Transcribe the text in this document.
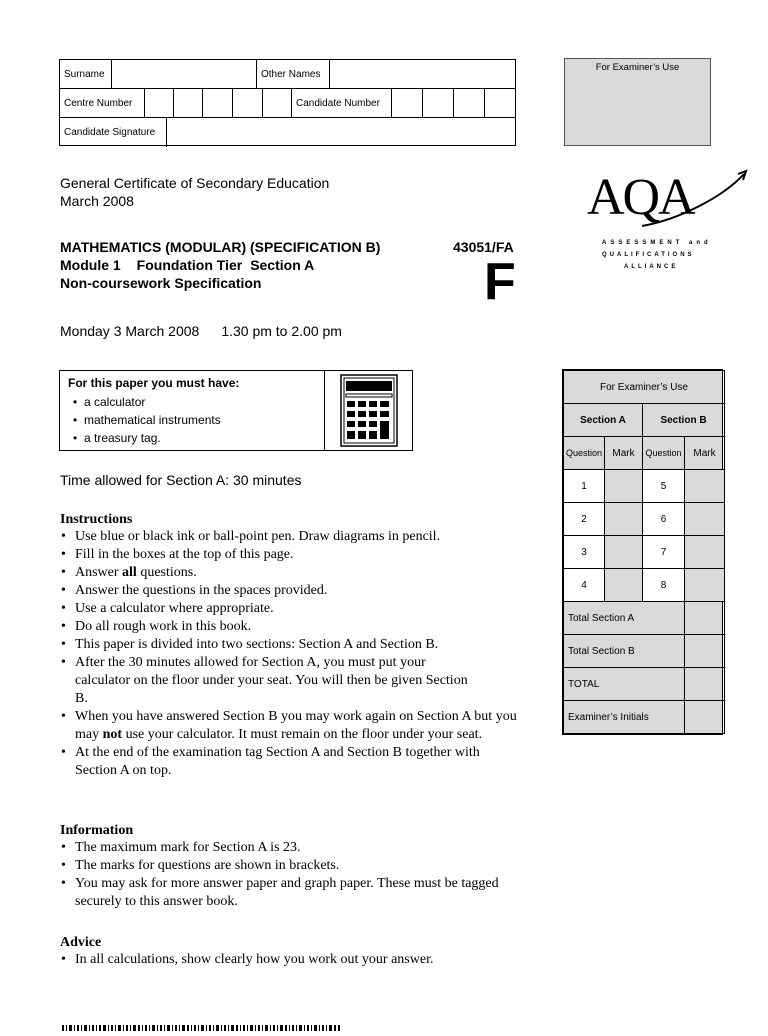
Surname	Other Names
Centre Number	Candidate Number
Candidate Signature
For Examiner’s Use
General Certificate of Secondary Education
March 2008
MATHEMATICS (MODULAR) (SPECIFICATION B)	43051/FA
Module 1 Foundation Tier Section A
Non-coursework Specification	F
Monday 3 March 2008 1.30 pm to 2.00 pm
AQA
ASSESSMENT and
QUALIFICATIONS
ALLIANCE
For this paper you must have:
• a calculator
• mathematical instruments
• a treasury tag.
Time allowed for Section A: 30 minutes
Instructions
• Use blue or black ink or ball-point pen. Draw diagrams in pencil.
• Fill in the boxes at the top of this page.
• Answer all questions.
• Answer the questions in the spaces provided.
• Use a calculator where appropriate.
• Do all rough work in this book.
• This paper is divided into two sections: Section A and Section B.
• After the 30 minutes allowed for Section A, you must put your calculator on the floor under your seat. You will then be given Section B.
• When you have answered Section B you may work again on Section A but you may not use your calculator. It must remain on the floor under your seat.
• At the end of the examination tag Section A and Section B together with Section A on top.
Information
• The maximum mark for Section A is 23.
• The marks for questions are shown in brackets.
• You may ask for more answer paper and graph paper. These must be tagged securely to this answer book.
Advice
• In all calculations, show clearly how you work out your answer.
For Examiner’s Use			
Section A		Section B	
Question	Mark	Question	Mark
1		5	
2		6	
3		7	
4		8	
Total Section A			
Total Section B			
TOTAL			
Examiner’s Initials			
